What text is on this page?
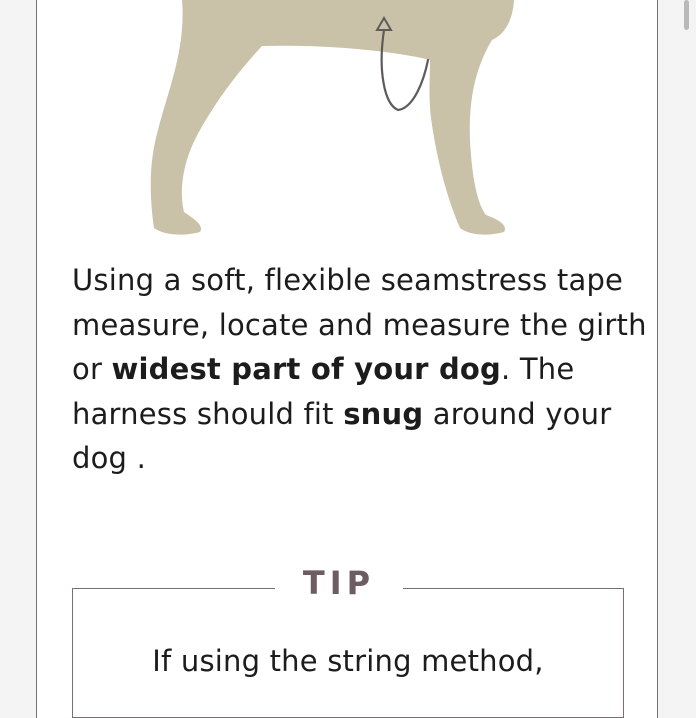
Using a soft, flexible seamstress tape measure, locate and measure the girth or widest part of your dog. The harness should fit snug around your dog .
TIP
If using the string method,
